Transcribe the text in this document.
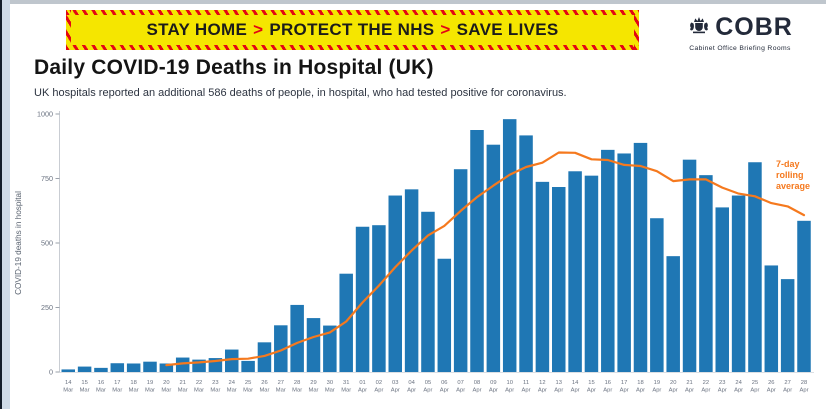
STAY HOME > PROTECT THE NHS > SAVE LIVES	COBR
Cabinet Office Briefing Rooms
Daily COVID-19 Deaths in Hospital (UK)
UK hospitals reported an additional 586 deaths of people, in hospital, who had tested positive for coronavirus.
0
250
500
750
1000
COVID-19 deaths in hospital
14 Mar
15 Mar
16 Mar
17 Mar
18 Mar
19 Mar
20 Mar
21 Mar
22 Mar
23 Mar
24 Mar
25 Mar
26 Mar
27 Mar
28 Mar
29 Mar
30 Mar
31 Mar
01 Apr
02 Apr
03 Apr
04 Apr
05 Apr
06 Apr
07 Apr
08 Apr
09 Apr
10 Apr
11 Apr
12 Apr
13 Apr
14 Apr
15 Apr
16 Apr
17 Apr
18 Apr
19 Apr
20 Apr
21 Apr
22 Apr
23 Apr
24 Apr
25 Apr
26 Apr
27 Apr
28 Apr
7-day
rolling
average
